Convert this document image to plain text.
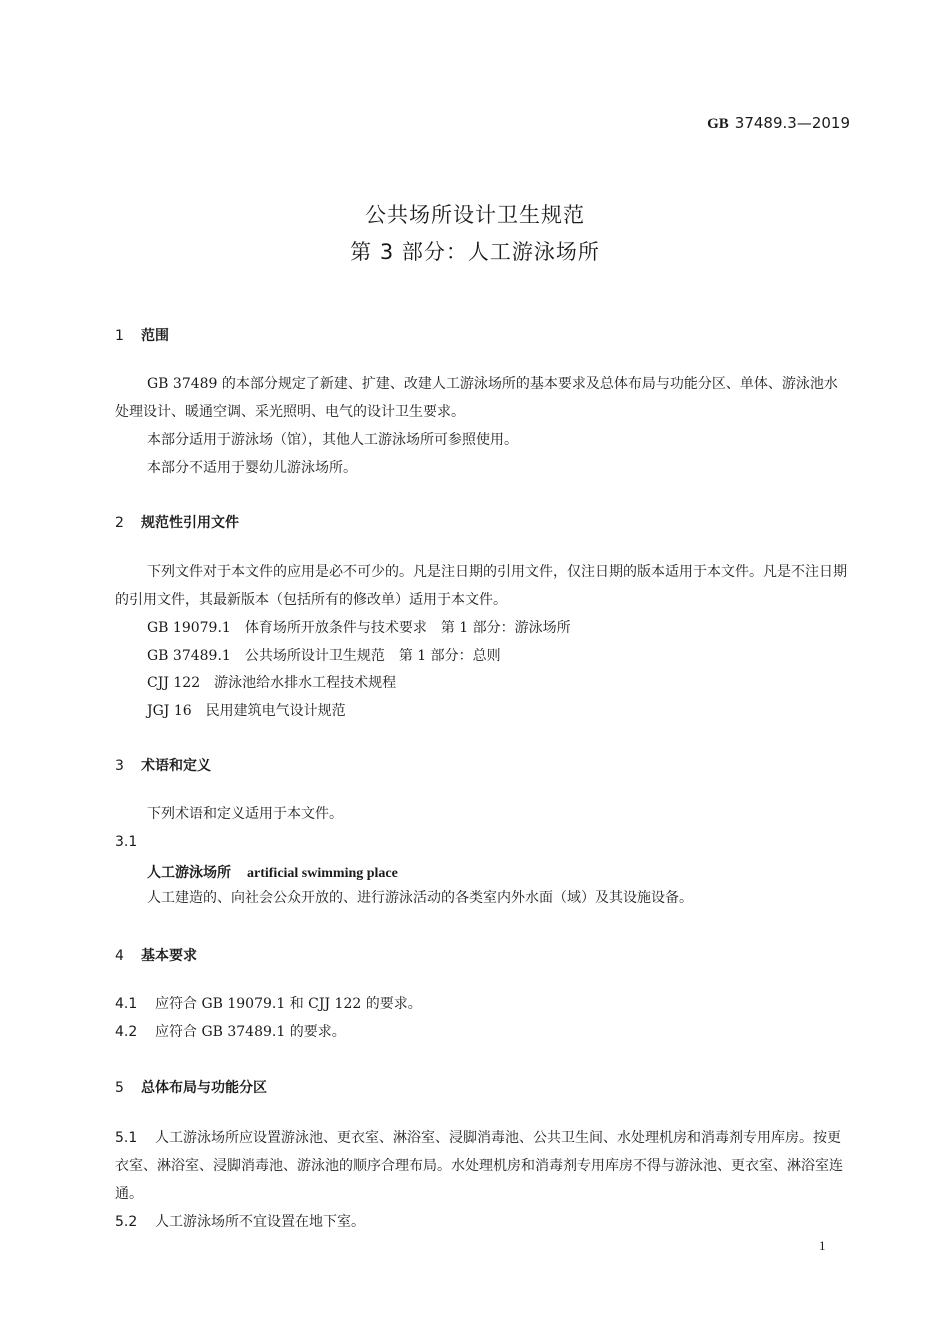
GB 37489.3—2019
公共场所设计卫生规范
第 3 部分：人工游泳场所
1 范围
GB 37489 的本部分规定了新建、扩建、改建人工游泳场所的基本要求及总体布局与功能分区、单体、游泳池水处理设计、暖通空调、采光照明、电气的设计卫生要求。
本部分适用于游泳场（馆），其他人工游泳场所可参照使用。
本部分不适用于婴幼儿游泳场所。
2 规范性引用文件
下列文件对于本文件的应用是必不可少的。凡是注日期的引用文件，仅注日期的版本适用于本文件。凡是不注日期的引用文件，其最新版本（包括所有的修改单）适用于本文件。
GB 19079.1　体育场所开放条件与技术要求　第 1 部分：游泳场所
GB 37489.1　公共场所设计卫生规范　第 1 部分：总则
CJJ 122　游泳池给水排水工程技术规程
JGJ 16　民用建筑电气设计规范
3 术语和定义
下列术语和定义适用于本文件。
3.1
人工游泳场所 artificial swimming place
人工建造的、向社会公众开放的、进行游泳活动的各类室内外水面（域）及其设施设备。
4 基本要求
4.1 应符合 GB 19079.1 和 CJJ 122 的要求。
4.2 应符合 GB 37489.1 的要求。
5 总体布局与功能分区
5.1 人工游泳场所应设置游泳池、更衣室、淋浴室、浸脚消毒池、公共卫生间、水处理机房和消毒剂专用库房。按更衣室、淋浴室、浸脚消毒池、游泳池的顺序合理布局。水处理机房和消毒剂专用库房不得与游泳池、更衣室、淋浴室连通。
5.2 人工游泳场所不宜设置在地下室。
1
